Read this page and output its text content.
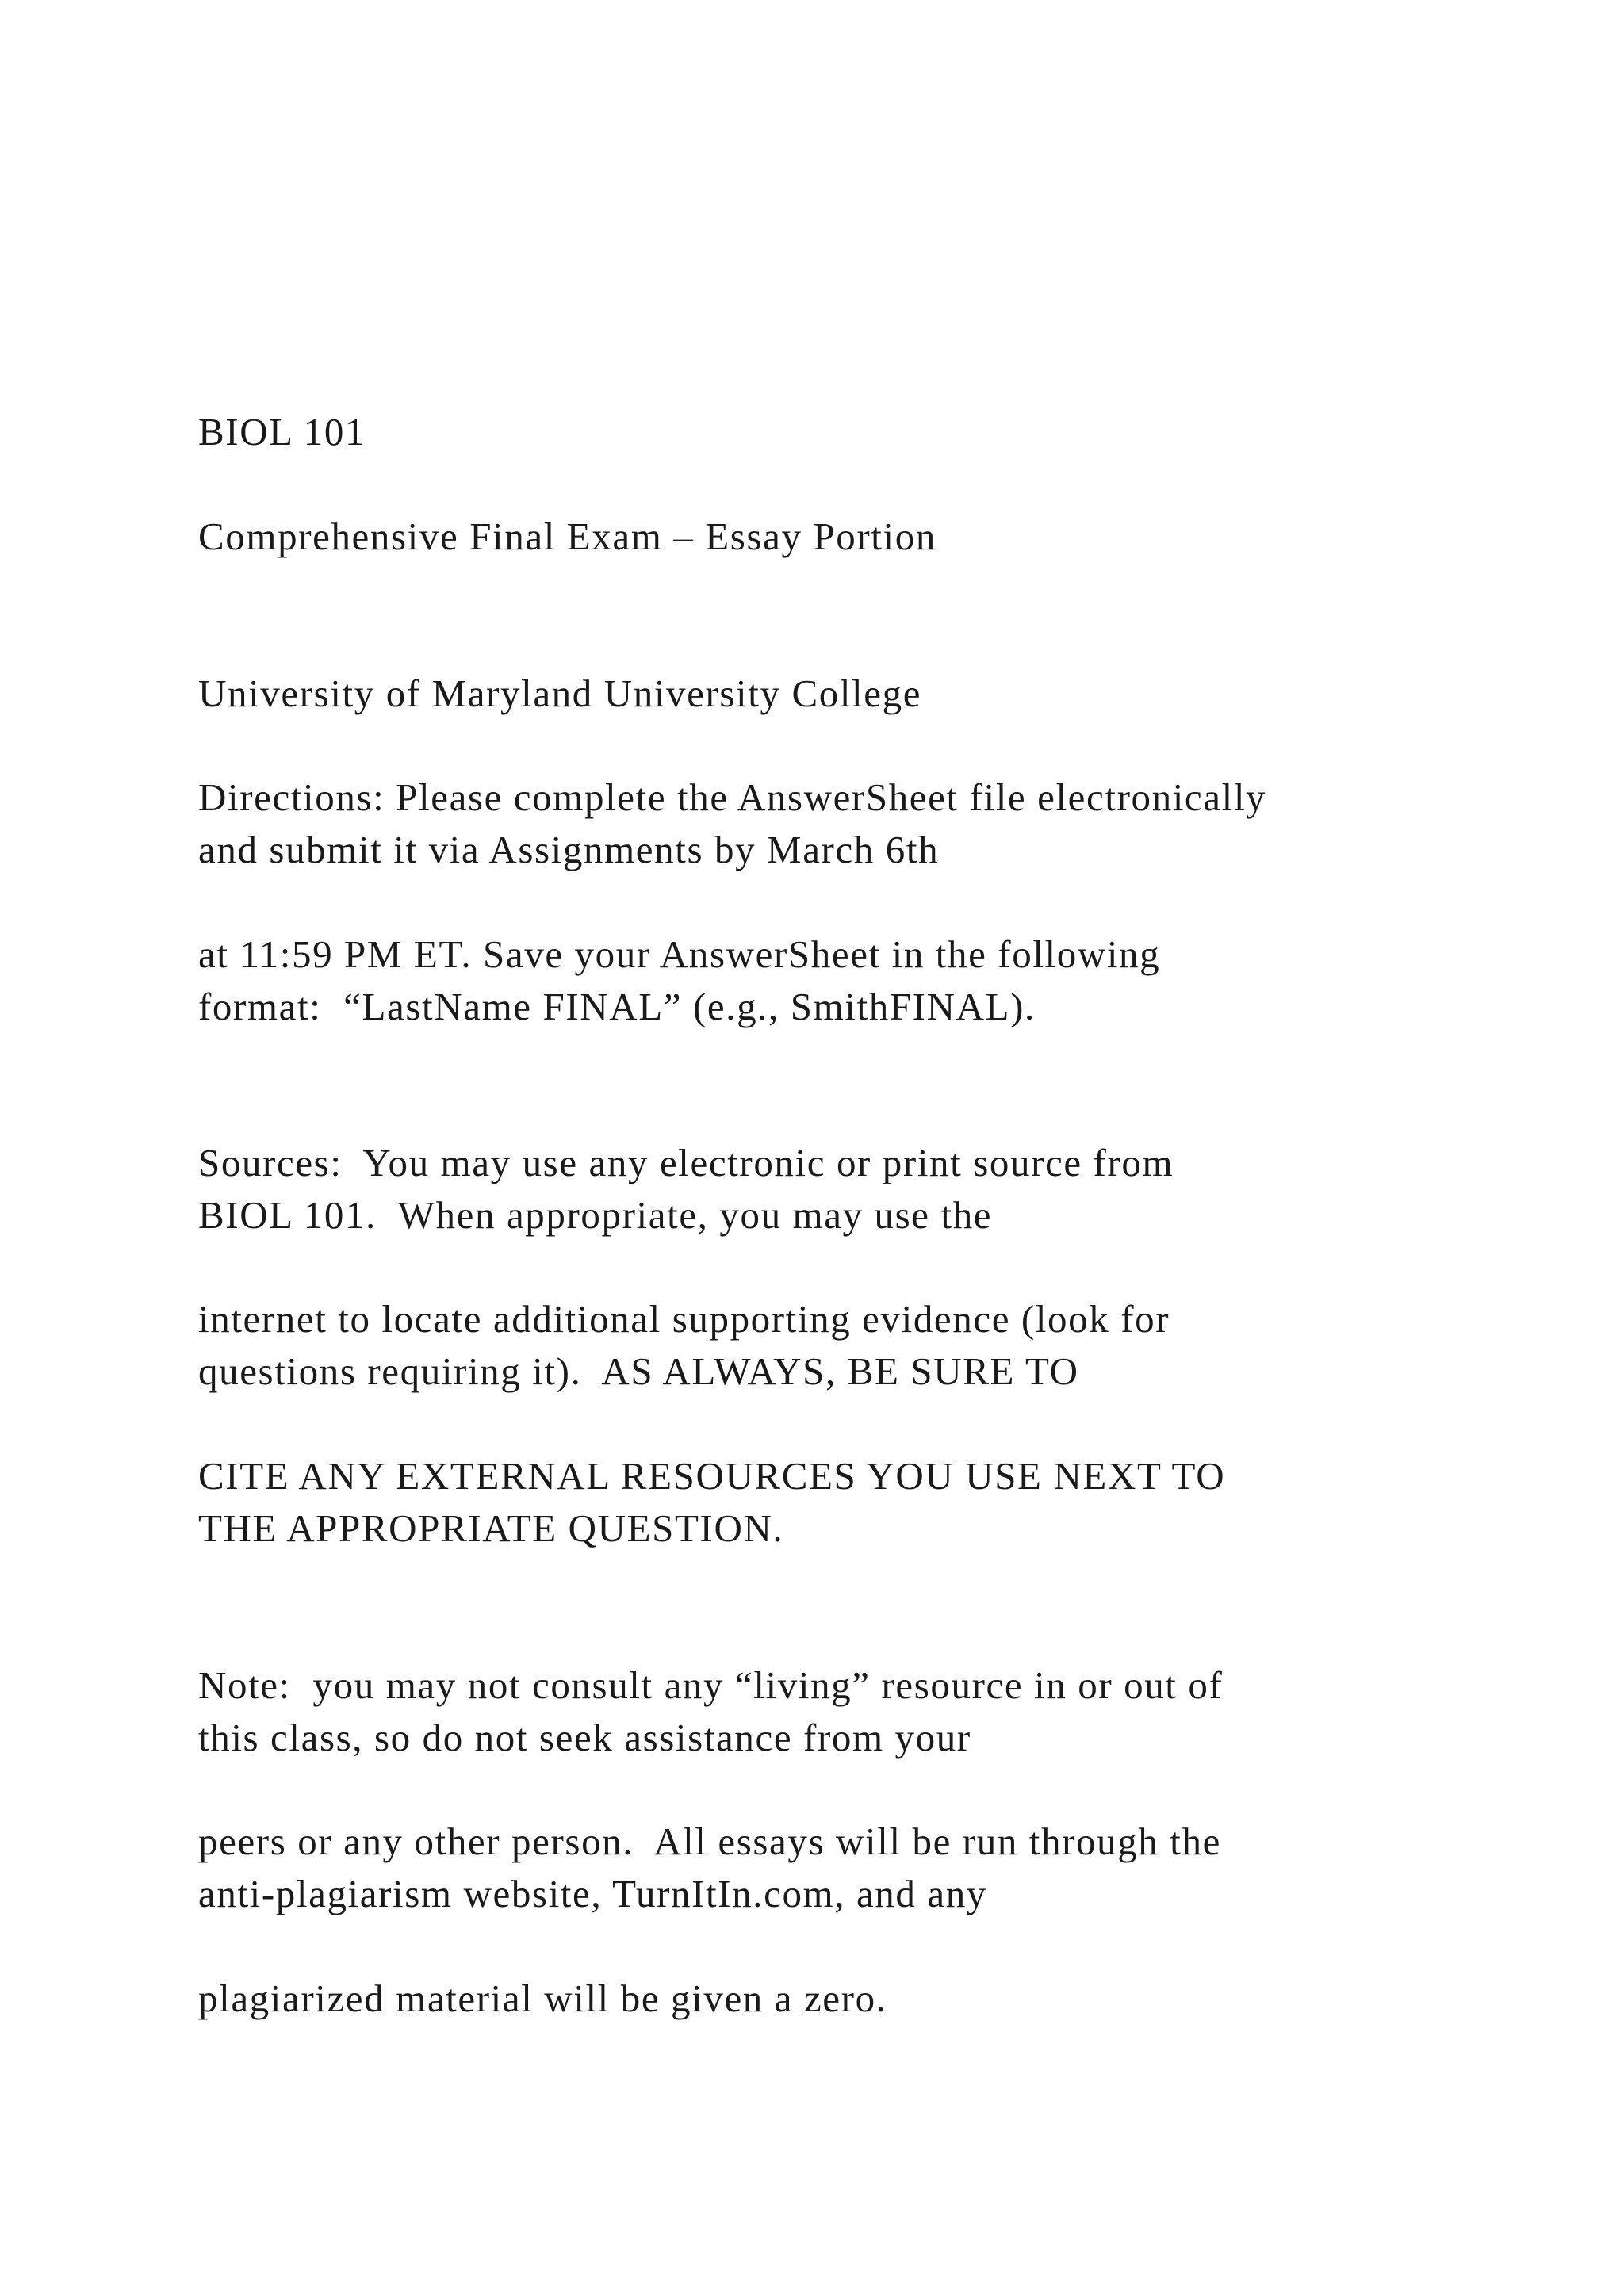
BIOL 101

Comprehensive Final Exam – Essay Portion

University of Maryland University College

Directions: Please complete the AnswerSheet file electronically
and submit it via Assignments by March 6th

at 11:59 PM ET. Save your AnswerSheet in the following
format:  “LastName FINAL” (e.g., SmithFINAL).

Sources:  You may use any electronic or print source from
BIOL 101.  When appropriate, you may use the

internet to locate additional supporting evidence (look for
questions requiring it).  AS ALWAYS, BE SURE TO

CITE ANY EXTERNAL RESOURCES YOU USE NEXT TO
THE APPROPRIATE QUESTION.

Note:  you may not consult any “living” resource in or out of
this class, so do not seek assistance from your

peers or any other person.  All essays will be run through the
anti-plagiarism website, TurnItIn.com, and any

plagiarized material will be given a zero.
